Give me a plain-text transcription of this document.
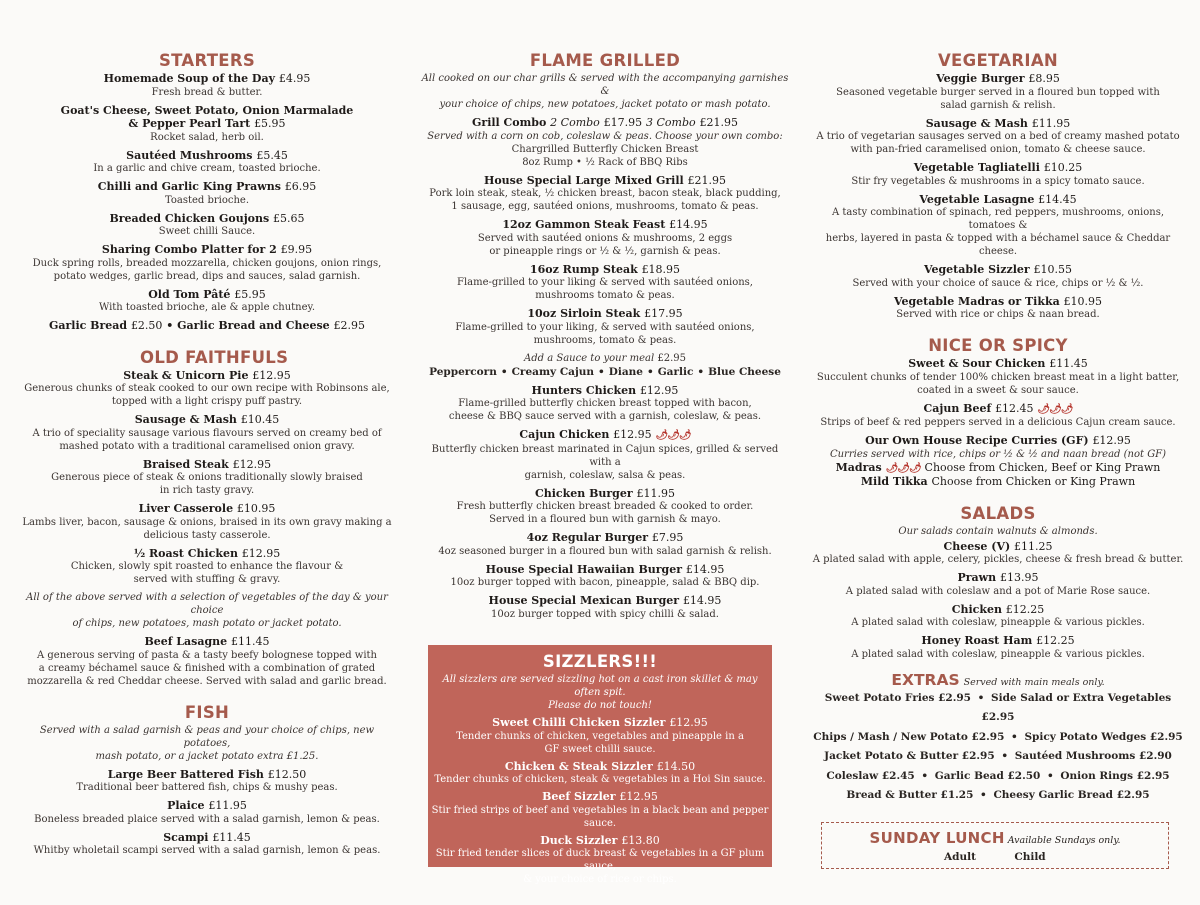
STARTERS
Homemade Soup of the Day £4.95
Fresh bread & butter.
Goat's Cheese, Sweet Potato, Onion Marmalade
& Pepper Pearl Tart £5.95
Rocket salad, herb oil.
Sautéed Mushrooms £5.45
In a garlic and chive cream, toasted brioche.
Chilli and Garlic King Prawns £6.95
Toasted brioche.
Breaded Chicken Goujons £5.65
Sweet chilli Sauce.
Sharing Combo Platter for 2 £9.95
Duck spring rolls, breaded mozzarella, chicken goujons, onion rings,
potato wedges, garlic bread, dips and sauces, salad garnish.
Old Tom Pâté £5.95
With toasted brioche, ale & apple chutney.
Garlic Bread £2.50 • Garlic Bread and Cheese £2.95
OLD FAITHFULS
Steak & Unicorn Pie £12.95
Generous chunks of steak cooked to our own recipe with Robinsons ale,
topped with a light crispy puff pastry.
Sausage & Mash £10.45
A trio of speciality sausage various flavours served on creamy bed of
mashed potato with a traditional caramelised onion gravy.
Braised Steak £12.95
Generous piece of steak & onions traditionally slowly braised
in rich tasty gravy.
Liver Casserole £10.95
Lambs liver, bacon, sausage & onions, braised in its own gravy making a
delicious tasty casserole.
½ Roast Chicken £12.95
Chicken, slowly spit roasted to enhance the flavour &
served with stuffing & gravy.
All of the above served with a selection of vegetables of the day & your choice
of chips, new potatoes, mash potato or jacket potato.
Beef Lasagne £11.45
A generous serving of pasta & a tasty beefy bolognese topped with
a creamy béchamel sauce & finished with a combination of grated
mozzarella & red Cheddar cheese. Served with salad and garlic bread.
FISH
Served with a salad garnish & peas and your choice of chips, new potatoes,
mash potato, or a jacket potato extra £1.25.
Large Beer Battered Fish £12.50
Traditional beer battered fish, chips & mushy peas.
Plaice £11.95
Boneless breaded plaice served with a salad garnish, lemon & peas.
Scampi £11.45
Whitby wholetail scampi served with a salad garnish, lemon & peas.
FLAME GRILLED
All cooked on our char grills & served with the accompanying garnishes &
your choice of chips, new potatoes, jacket potato or mash potato.
Grill Combo 2 Combo £17.95 3 Combo £21.95
Served with a corn on cob, coleslaw & peas. Choose your own combo:
Chargrilled Butterfly Chicken Breast
8oz Rump • ½ Rack of BBQ Ribs
House Special Large Mixed Grill £21.95
Pork loin steak, steak, ½ chicken breast, bacon steak, black pudding,
1 sausage, egg, sautéed onions, mushrooms, tomato & peas.
12oz Gammon Steak Feast £14.95
Served with sautéed onions & mushrooms, 2 eggs
or pineapple rings or ½ & ½, garnish & peas.
16oz Rump Steak £18.95
Flame-grilled to your liking & served with sautéed onions,
mushrooms tomato & peas.
10oz Sirloin Steak £17.95
Flame-grilled to your liking, & served with sautéed onions,
mushrooms, tomato & peas.
Add a Sauce to your meal £2.95
Peppercorn • Creamy Cajun • Diane • Garlic • Blue Cheese
Hunters Chicken £12.95
Flame-grilled butterfly chicken breast topped with bacon,
cheese & BBQ sauce served with a garnish, coleslaw, & peas.
Cajun Chicken £12.95 🌶🌶🌶
Butterfly chicken breast marinated in Cajun spices, grilled & served with a
garnish, coleslaw, salsa & peas.
Chicken Burger £11.95
Fresh butterfly chicken breast breaded & cooked to order.
Served in a floured bun with garnish & mayo.
4oz Regular Burger £7.95
4oz seasoned burger in a floured bun with salad garnish & relish.
House Special Hawaiian Burger £14.95
10oz burger topped with bacon, pineapple, salad & BBQ dip.
House Special Mexican Burger £14.95
10oz burger topped with spicy chilli & salad.
SIZZLERS!!!
All sizzlers are served sizzling hot on a cast iron skillet & may often spit.
Please do not touch!
Sweet Chilli Chicken Sizzler £12.95
Tender chunks of chicken, vegetables and pineapple in a
GF sweet chilli sauce.
Chicken & Steak Sizzler £14.50
Tender chunks of chicken, steak & vegetables in a Hoi Sin sauce.
Beef Sizzler £12.95
Stir fried strips of beef and vegetables in a black bean and pepper sauce.
Duck Sizzler £13.80
Stir fried tender slices of duck breast & vegetables in a GF plum sauce,
& your choice of rice or chips.
VEGETARIAN
Veggie Burger £8.95
Seasoned vegetable burger served in a floured bun topped with
salad garnish & relish.
Sausage & Mash £11.95
A trio of vegetarian sausages served on a bed of creamy mashed potato
with pan-fried caramelised onion, tomato & cheese sauce.
Vegetable Tagliatelli £10.25
Stir fry vegetables & mushrooms in a spicy tomato sauce.
Vegetable Lasagne £14.45
A tasty combination of spinach, red peppers, mushrooms, onions, tomatoes &
herbs, layered in pasta & topped with a béchamel sauce & Cheddar cheese.
Vegetable Sizzler £10.55
Served with your choice of sauce & rice, chips or ½ & ½.
Vegetable Madras or Tikka £10.95
Served with rice or chips & naan bread.
NICE OR SPICY
Sweet & Sour Chicken £11.45
Succulent chunks of tender 100% chicken breast meat in a light batter,
coated in a sweet & sour sauce.
Cajun Beef £12.45 🌶🌶🌶
Strips of beef & red peppers served in a delicious Cajun cream sauce.
Our Own House Recipe Curries (GF) £12.95
Curries served with rice, chips or ½ & ½ and naan bread (not GF)
Madras 🌶🌶🌶 Choose from Chicken, Beef or King Prawn
Mild Tikka Choose from Chicken or King Prawn
SALADS
Our salads contain walnuts & almonds.
Cheese (V) £11.25
A plated salad with apple, celery, pickles, cheese & fresh bread & butter.
Prawn £13.95
A plated salad with coleslaw and a pot of Marie Rose sauce.
Chicken £12.25
A plated salad with coleslaw, pineapple & various pickles.
Honey Roast Ham £12.25
A plated salad with coleslaw, pineapple & various pickles.
EXTRAS Served with main meals only.
Sweet Potato Fries £2.95 • Side Salad or Extra Vegetables £2.95
Chips / Mash / New Potato £2.95 • Spicy Potato Wedges £2.95
Jacket Potato & Butter £2.95 • Sautéed Mushrooms £2.90
Coleslaw £2.45 • Garlic Bead £2.50 • Onion Rings £2.95
Bread & Butter £1.25 • Cheesy Garlic Bread £2.95
SUNDAY LUNCH Available Sundays only.
Adult	Child
